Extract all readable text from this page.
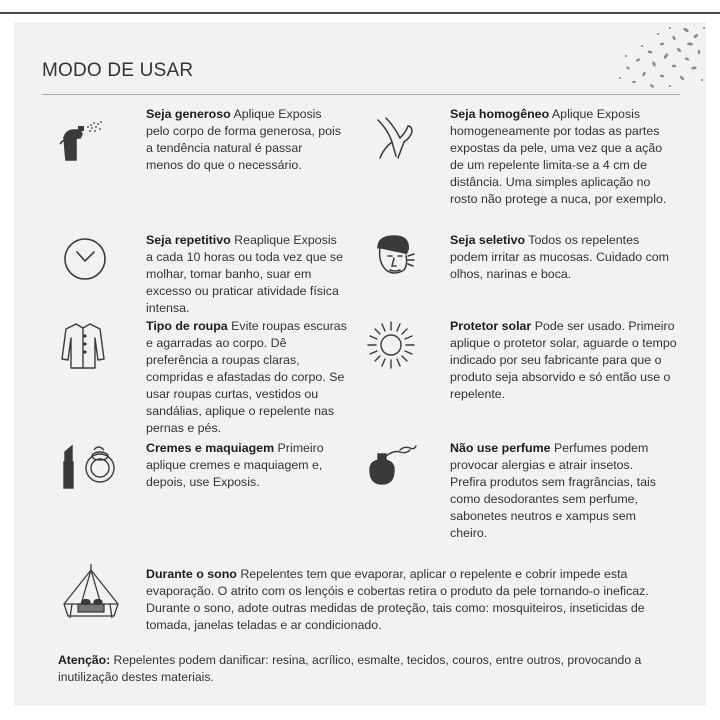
MODO DE USAR
Seja generoso Aplique Exposis pelo corpo de forma generosa, pois a tendência natural é passar menos do que o necessário.
Seja homogêneo Aplique Exposis homogeneamente por todas as partes expostas da pele, uma vez que a ação de um repelente limita-se a 4 cm de distância. Uma simples aplicação no rosto não protege a nuca, por exemplo.
Seja repetitivo Reaplique Exposis a cada 10 horas ou toda vez que se molhar, tomar banho, suar em excesso ou praticar atividade física intensa.
Seja seletivo Todos os repelentes podem irritar as mucosas. Cuidado com olhos, narinas e boca.
Tipo de roupa Evite roupas escuras e agarradas ao corpo. Dê preferência a roupas claras, compridas e afastadas do corpo. Se usar roupas curtas, vestidos ou sandálias, aplique o repelente nas pernas e pés.
Protetor solar Pode ser usado. Primeiro aplique o protetor solar, aguarde o tempo indicado por seu fabricante para que o produto seja absorvido e só então use o repelente.
Cremes e maquiagem Primeiro aplique cremes e maquiagem e, depois, use Exposis.
Não use perfume Perfumes podem provocar alergias e atrair insetos. Prefira produtos sem fragrâncias, tais como desodorantes sem perfume, sabonetes neutros e xampus sem cheiro.
Durante o sono Repelentes tem que evaporar, aplicar o repelente e cobrir impede esta evaporação. O atrito com os lençóis e cobertas retira o produto da pele tornando-o ineficaz. Durante o sono, adote outras medidas de proteção, tais como: mosquiteiros, inseticidas de tomada, janelas teladas e ar condicionado.
Atenção: Repelentes podem danificar: resina, acrílico, esmalte, tecidos, couros, entre outros, provocando a inutilização destes materiais.
